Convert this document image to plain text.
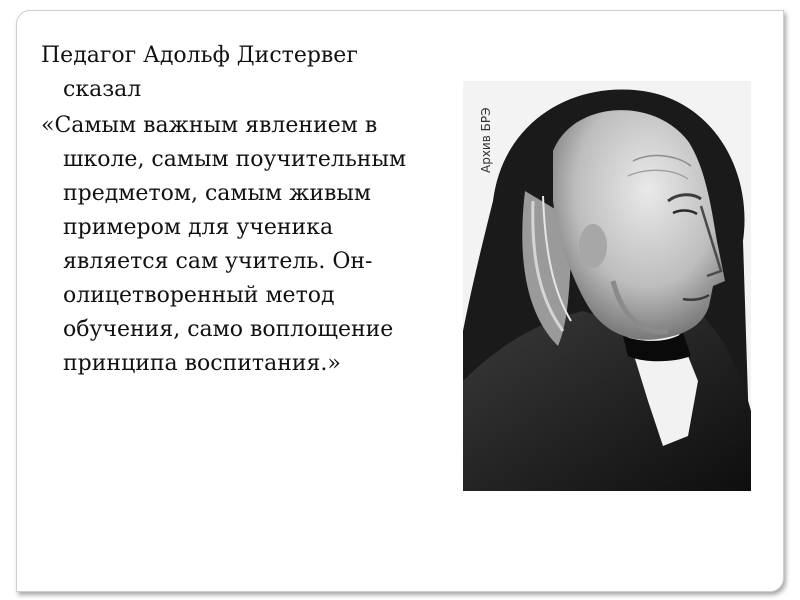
Педагог Адольф Дистервег сказал

«Самым важным явлением в школе, самым поучительным предметом, самым живым примером для ученика является сам учитель. Он- олицетворенный метод обучения, само воплощение принципа воспитания.»

Архив БРЭ
